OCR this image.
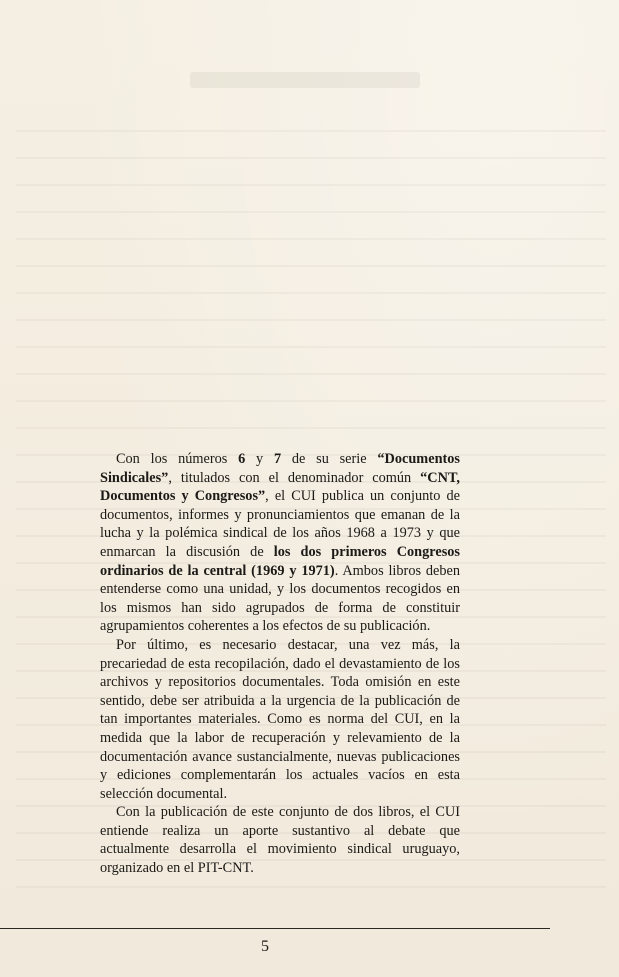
Con los números 6 y 7 de su serie “Documentos Sindicales”, titulados con el denominador común “CNT, Documentos y Congresos”, el CUI publica un conjunto de documentos, informes y pronunciamientos que emanan de la lucha y la polémica sindical de los años 1968 a 1973 y que enmarcan la discusión de los dos primeros Congresos ordinarios de la central (1969 y 1971). Ambos libros deben entenderse como una unidad, y los documentos recogidos en los mismos han sido agrupados de forma de constituir agrupamientos coherentes a los efectos de su publicación.

Por último, es necesario destacar, una vez más, la precariedad de esta recopilación, dado el devastamiento de los archivos y repositorios documentales. Toda omisión en este sentido, debe ser atribuida a la urgencia de la publicación de tan importantes materiales. Como es norma del CUI, en la medida que la labor de recuperación y relevamiento de la documentación avance sustancialmente, nuevas publicaciones y ediciones complementarán los actuales vacíos en esta selección documental.

Con la publicación de este conjunto de dos libros, el CUI entiende realiza un aporte sustantivo al debate que actualmente desarrolla el movimiento sindical uruguayo, organizado en el PIT-CNT.

5
